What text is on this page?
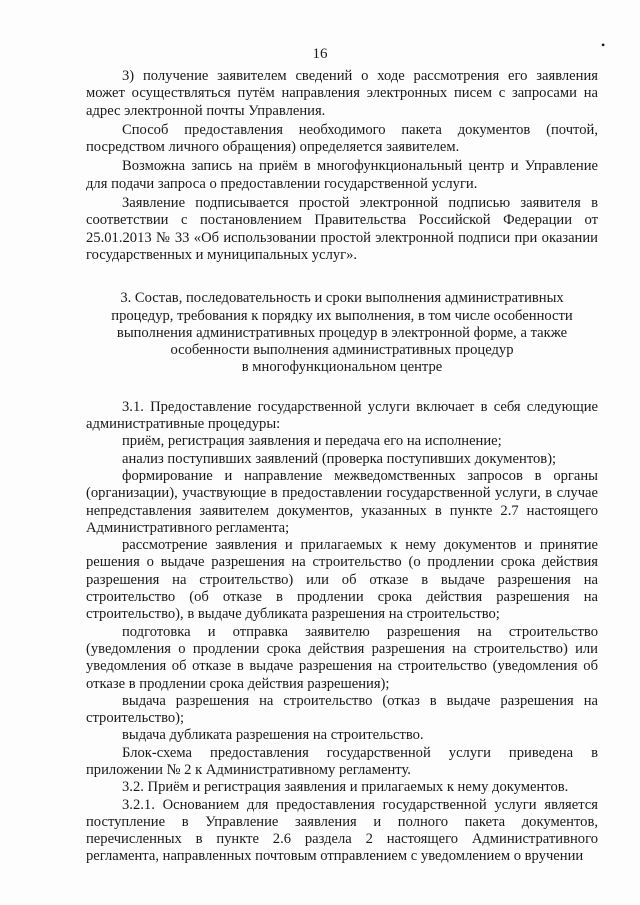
16
•

3) получение заявителем сведений о ходе рассмотрения его заявления может осуществляться путём направления электронных писем с запросами на адрес электронной почты Управления.

Способ предоставления необходимого пакета документов (почтой, посредством личного обращения) определяется заявителем.

Возможна запись на приём в многофункциональный центр и Управление для подачи запроса о предоставлении государственной услуги.

Заявление подписывается простой электронной подписью заявителя в соответствии с постановлением Правительства Российской Федерации от 25.01.2013 № 33 «Об использовании простой электронной подписи при оказании государственных и муниципальных услуг».

3. Состав, последовательность и сроки выполнения административных
процедур, требования к порядку их выполнения, в том числе особенности
выполнения административных процедур в электронной форме, а также
особенности выполнения административных процедур
в многофункциональном центре

3.1. Предоставление государственной услуги включает в себя следующие административные процедуры:

приём, регистрация заявления и передача его на исполнение;

анализ поступивших заявлений (проверка поступивших документов);

формирование и направление межведомственных запросов в органы (организации), участвующие в предоставлении государственной услуги, в случае непредставления заявителем документов, указанных в пункте 2.7 настоящего Административного регламента;

рассмотрение заявления и прилагаемых к нему документов и принятие решения о выдаче разрешения на строительство (о продлении срока действия разрешения на строительство) или об отказе в выдаче разрешения на строительство (об отказе в продлении срока действия разрешения на строительство), в выдаче дубликата разрешения на строительство;

подготовка и отправка заявителю разрешения на строительство (уведомления о продлении срока действия разрешения на строительство) или уведомления об отказе в выдаче разрешения на строительство (уведомления об отказе в продлении срока действия разрешения);

выдача разрешения на строительство (отказ в выдаче разрешения на строительство);

выдача дубликата разрешения на строительство.

Блок-схема предоставления государственной услуги приведена в приложении № 2 к Административному регламенту.

3.2. Приём и регистрация заявления и прилагаемых к нему документов.

3.2.1. Основанием для предоставления государственной услуги является поступление в Управление заявления и полного пакета документов, перечисленных в пункте 2.6 раздела 2 настоящего Административного регламента, направленных почтовым отправлением с уведомлением о вручении
